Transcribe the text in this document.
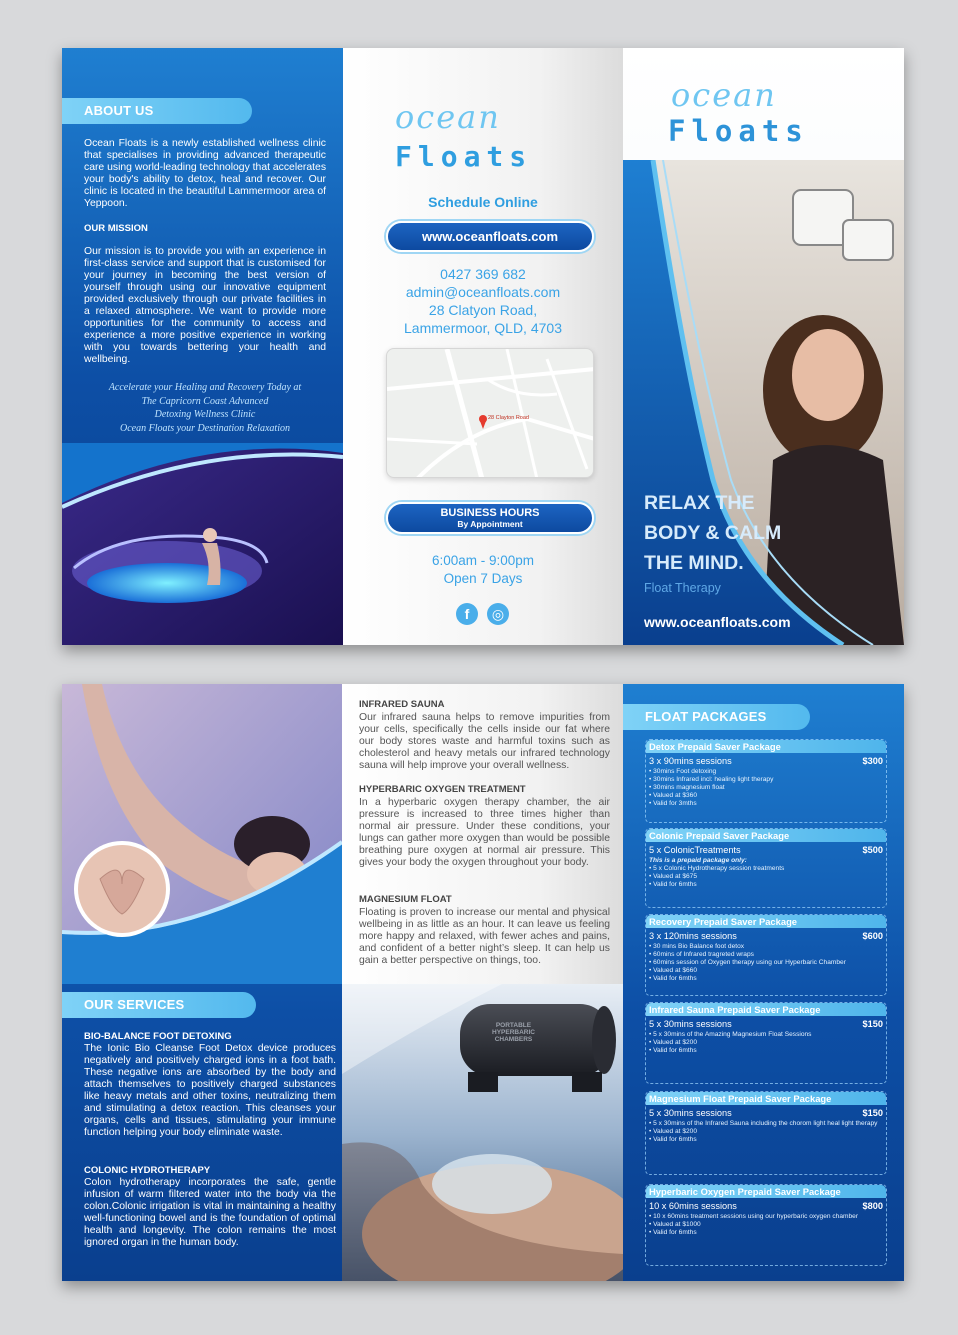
ABOUT US
Ocean Floats is a newly established wellness clinic that specialises in providing advanced therapeutic care using world-leading technology that accelerates your body's ability to detox, heal and recover. Our clinic is located in the beautiful Lammermoor area of Yeppoon.
OUR MISSION
Our mission is to provide you with an experience in first-class service and support that is customised for your journey in becoming the best version of yourself through using our innovative equipment provided exclusively through our private facilities in a relaxed atmosphere. We want to provide more opportunities for the community to access and experience a more positive experience in working with you towards bettering your health and wellbeing.
Accelerate your Healing and Recovery Today at
The Capricorn Coast Advanced
Detoxing Wellness Clinic
Ocean Floats your Destination Relaxation
ocean
Floats
Schedule Online
www.oceanfloats.com
0427 369 682
admin@oceanfloats.com
28 Clatyon Road,
Lammermoor, QLD, 4703
28 Clayton Road
BUSINESS HOURS
By Appointment
6:00am - 9:00pm
Open 7 Days
f	◎
ocean
Floats
RELAX THE
BODY & CALM
THE MIND.
Float Therapy
www.oceanfloats.com
OUR SERVICES
BIO-BALANCE FOOT DETOXING
The Ionic Bio Cleanse Foot Detox device produces negatively and positively charged ions in a foot bath. These negative ions are absorbed by the body and attach themselves to positively charged substances like heavy metals and other toxins, neutralizing them and stimulating a detox reaction. This cleanses your organs, cells and tissues, stimulating your immune function helping your body eliminate waste.
COLONIC HYDROTHERAPY
Colon hydrotherapy incorporates the safe, gentle infusion of warm filtered water into the body via the colon.Colonic irrigation is vital in maintaining a healthy well-functioning bowel and is the foundation of optimal health and longevity. The colon remains the most ignored organ in the human body.
INFRARED SAUNA
Our infrared sauna helps to remove impurities from your cells, specifically the cells inside our fat where our body stores waste and harmful toxins such as cholesterol and heavy metals our infrared technology sauna will help improve your overall wellness.
HYPERBARIC OXYGEN TREATMENT
In a hyperbaric oxygen therapy chamber, the air pressure is increased to three times higher than normal air pressure. Under these conditions, your lungs can gather more oxygen than would be possible breathing pure oxygen at normal air pressure. This gives your body the oxygen throughout your body.
MAGNESIUM FLOAT
Floating is proven to increase our mental and physical wellbeing in as little as an hour. It can leave us feeling more happy and relaxed, with fewer aches and pains, and confident of a better night’s sleep. It can help us gain a better perspective on things, too.
PORTABLE
HYPERBARIC
CHAMBERS
FLOAT PACKAGES
Detox Prepaid Saver Package
3 x 90mins sessions	$300
• 30mins Foot detoxing
• 30mins Infrared incl: healing light therapy
• 30mins magnesium float
• Valued at $360
• Valid for 3mths
Colonic Prepaid Saver Package
5 x ColonicTreatments	$500
This is a prepaid package only:
• 5 x Colonic Hydrotherapy session treatments
• Valued at $675
• Valid for 6mths
Recovery Prepaid Saver Package
3 x 120mins sessions	$600
• 30 mins Bio Balance foot detox
• 60mins of Infrared tragreted wraps
• 60mins session of Oxygen therapy using our Hyperbaric Chamber
• Valued at $660
• Valid for 6mths
Infrared Sauna Prepaid Saver Package
5 x 30mins sessions	$150
• 5 x 30mins of the Amazing Magnesium Float Sessions
• Valued at $200
• Valid for 6mths
Magnesium Float Prepaid Saver Package
5 x 30mins sessions	$150
• 5 x 30mins of the Infrared Sauna including the chorom light heal light therapy
• Valued at $200
• Valid for 6mths
Hyperbaric Oxygen Prepaid Saver Package
10 x 60mins sessions	$800
• 10 x 60mins treatment sessions using our hyperbaric oxygen chamber
• Valued at $1000
• Valid for 6mths
